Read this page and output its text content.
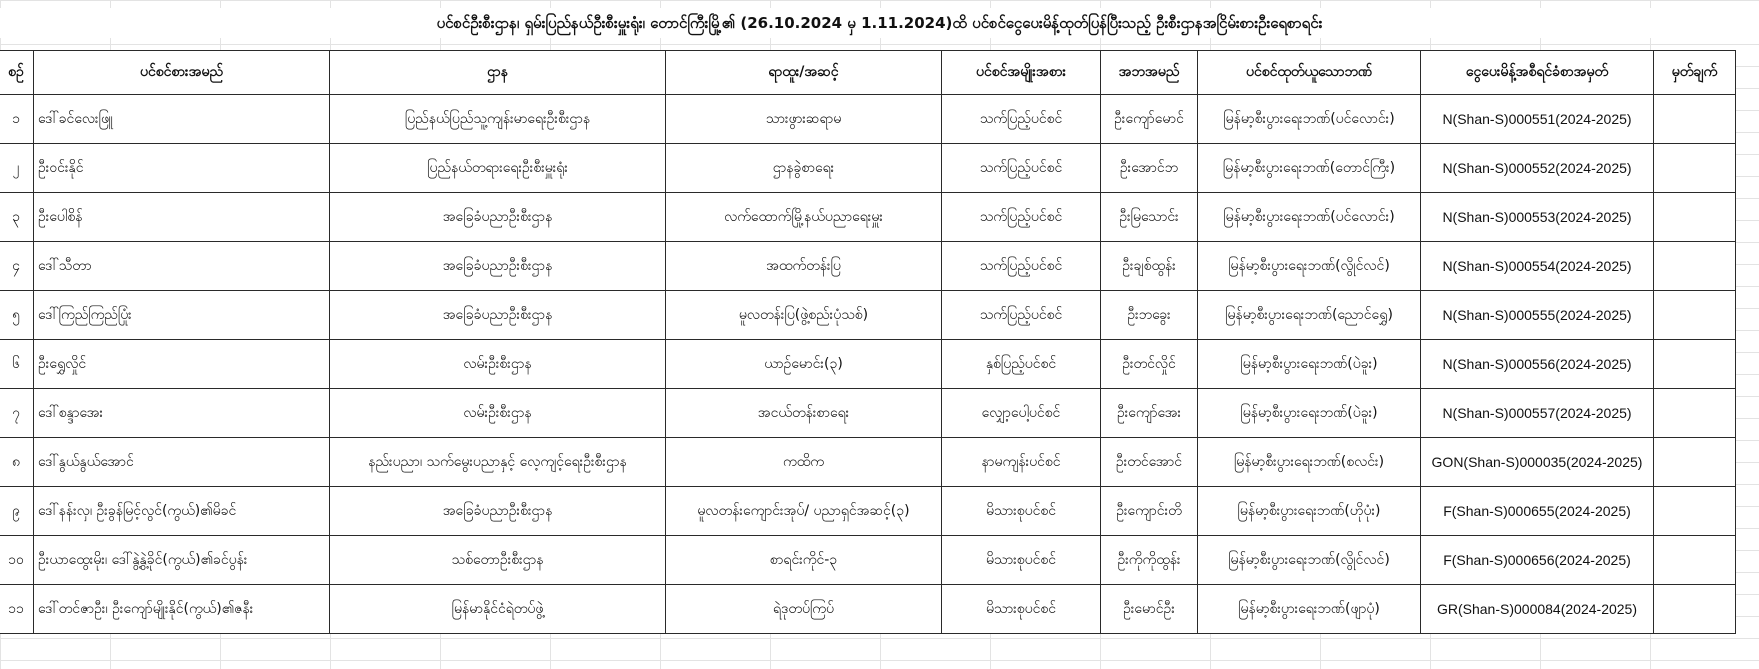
ပင်စင်ဦးစီးဌာန၊ ရှမ်းပြည်နယ်ဦးစီးမှူးရုံး၊ တောင်ကြီးမြို့၏ (26.10.2024 မှ 1.11.2024)ထိ ပင်စင်ငွေပေးမိန့်ထုတ်ပြန်ပြီးသည့် ဦးစီးဌာနအငြိမ်းစားဦးရေစာရင်း
စဉ်	ပင်စင်စားအမည်	ဌာန	ရာထူး/အဆင့်	ပင်စင်အမျိုးအစား	အဘအမည်	ပင်စင်ထုတ်ယူသောဘဏ်	ငွေပေးမိန့်အစီရင်ခံစာအမှတ်	မှတ်ချက်
၁	ဒေါ်ခင်လေးဖြူ	ပြည်နယ်ပြည်သူ့ကျန်းမာရေးဦးစီးဌာန	သားဖွားဆရာမ	သက်ပြည့်ပင်စင်	ဦးကျော်မောင်	မြန်မာ့စီးပွားရေးဘဏ်(ပင်လောင်း)	N(Shan-S)000551(2024-2025)	
၂	ဦးဝင်းနိုင်	ပြည်နယ်တရားရေးဦးစီးမှူးရုံး	ဌာနခွဲစာရေး	သက်ပြည့်ပင်စင်	ဦးအောင်ဘ	မြန်မာ့စီးပွားရေးဘဏ်(တောင်ကြီး)	N(Shan-S)000552(2024-2025)	
၃	ဦးပေါစိန်	အခြေခံပညာဦးစီးဌာန	လက်ထောက်မြို့နယ်ပညာရေးမှူး	သက်ပြည့်ပင်စင်	ဦးမြသောင်း	မြန်မာ့စီးပွားရေးဘဏ်(ပင်လောင်း)	N(Shan-S)000553(2024-2025)	
၄	ဒေါ်သီတာ	အခြေခံပညာဦးစီးဌာန	အထက်တန်းပြ	သက်ပြည့်ပင်စင်	ဦးချစ်ထွန်း	မြန်မာ့စီးပွားရေးဘဏ်(လွိုင်လင်)	N(Shan-S)000554(2024-2025)	
၅	ဒေါ်ကြည်ကြည်ပြုံး	အခြေခံပညာဦးစီးဌာန	မူလတန်းပြ(ဖွဲ့စည်းပုံသစ်)	သက်ပြည့်ပင်စင်	ဦးဘခွေး	မြန်မာ့စီးပွားရေးဘဏ်(ညောင်ရွှေ)	N(Shan-S)000555(2024-2025)	
၆	ဦးရွှေလှိုင်	လမ်းဦးစီးဌာန	ယာဉ်မောင်း(၃)	နှစ်ပြည့်ပင်စင်	ဦးတင်လှိုင်	မြန်မာ့စီးပွားရေးဘဏ်(ပဲခူး)	N(Shan-S)000556(2024-2025)	
၇	ဒေါ်စန္ဒာအေး	လမ်းဦးစီးဌာန	အငယ်တန်းစာရေး	လျှော့ပေါ့ပင်စင်	ဦးကျော်အေး	မြန်မာ့စီးပွားရေးဘဏ်(ပဲခူး)	N(Shan-S)000557(2024-2025)	
၈	ဒေါ်နွယ်နွယ်အောင်	နည်းပညာ၊ သက်မွေးပညာနှင့် လေ့ကျင့်ရေးဦးစီးဌာန	ကထိက	နာမကျန်းပင်စင်	ဦးတင်အောင်	မြန်မာ့စီးပွားရေးဘဏ်(စလင်း)	GON(Shan-S)000035(2024-2025)	
၉	ဒေါ်နန်းလှ၊ ဦးခွန်မြင့်လွင်(ကွယ်)၏မိခင်	အခြေခံပညာဦးစီးဌာန	မူလတန်းကျောင်းအုပ်/ ပညာရှင်အဆင့်(၃)	မိသားစုပင်စင်	ဦးကျောင်းတိ	မြန်မာ့စီးပွားရေးဘဏ်(ဟိုပုံး)	F(Shan-S)000655(2024-2025)	
၁၀	ဦးယာထွေးမိုး၊ ဒေါ်နွဲ့နွဲ့ခိုင်(ကွယ်)၏ခင်ပွန်း	သစ်တောဦးစီးဌာန	စာရင်းကိုင်-၃	မိသားစုပင်စင်	ဦးကိုကိုထွန်း	မြန်မာ့စီးပွားရေးဘဏ်(လွိုင်လင်)	F(Shan-S)000656(2024-2025)	
၁၁	ဒေါ်တင်ဇာဦး၊ ဦးကျော်မျိုးနိုင်(ကွယ်)၏ဇနီး	မြန်မာနိုင်ငံရဲတပ်ဖွဲ့	ရဲဒုတပ်ကြပ်	မိသားစုပင်စင်	ဦးမောင်ဦး	မြန်မာ့စီးပွားရေးဘဏ်(ဖျာပုံ)	GR(Shan-S)000084(2024-2025)	
